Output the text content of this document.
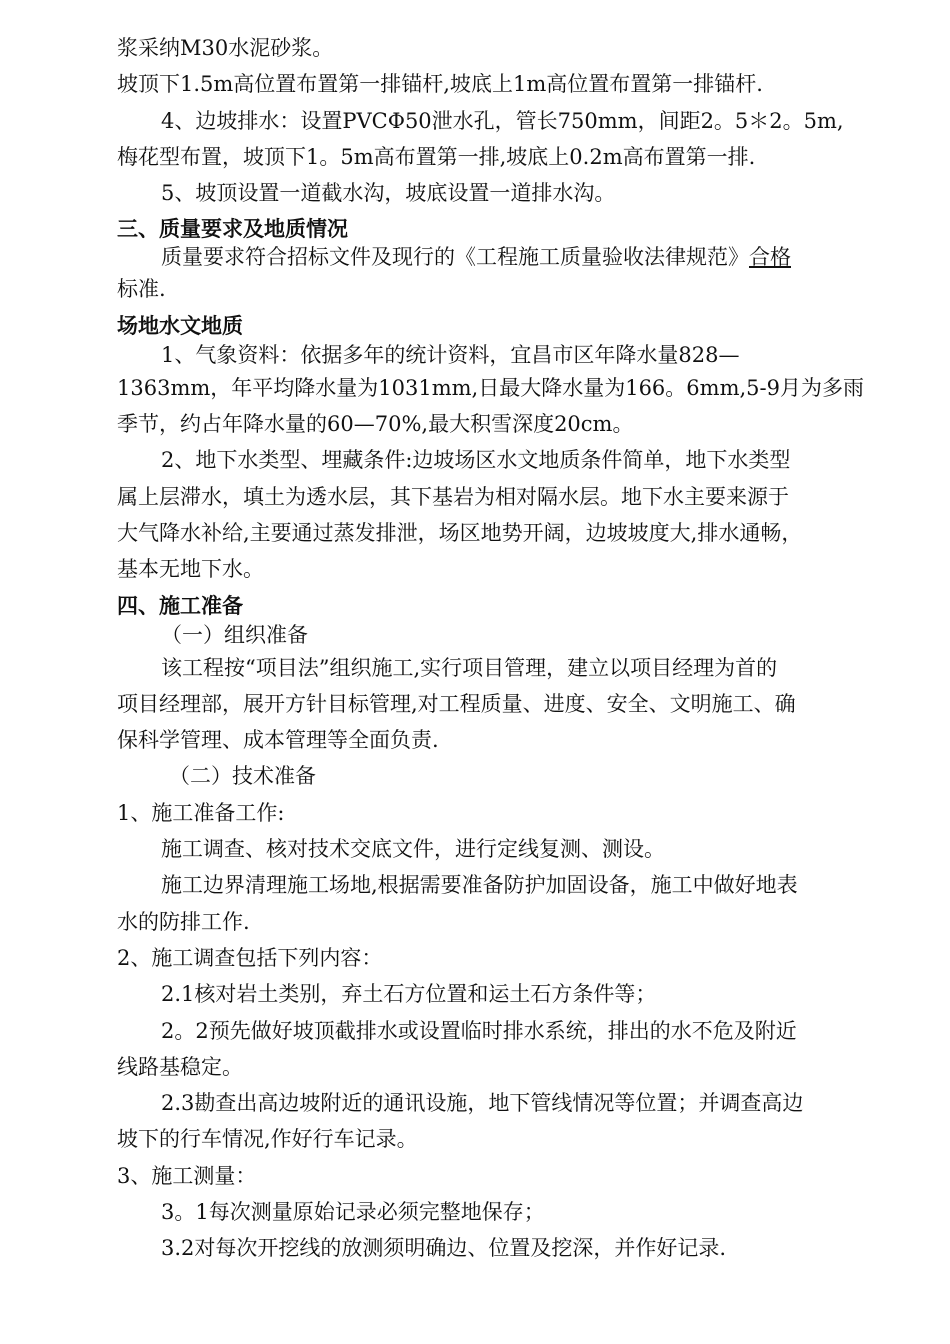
浆采纳M30水泥砂浆。
坡顶下1.5m高位置布置第一排锚杆,坡底上1m高位置布置第一排锚杆.
4、边坡排水：设置PVCΦ50泄水孔，管长750mm，间距2。5＊2。5m,
梅花型布置，坡顶下1。5m高布置第一排,坡底上0.2m高布置第一排.
5、坡顶设置一道截水沟，坡底设置一道排水沟。
三、质量要求及地质情况
质量要求符合招标文件及现行的《工程施工质量验收法律规范》合格
标准.
场地水文地质
1、气象资料：依据多年的统计资料，宜昌市区年降水量828—
1363mm，年平均降水量为1031mm,日最大降水量为166。6mm,5-9月为多雨
季节，约占年降水量的60—70%,最大积雪深度20cm。
2、地下水类型、埋藏条件:边坡场区水文地质条件简单，地下水类型
属上层滞水，填土为透水层，其下基岩为相对隔水层。地下水主要来源于
大气降水补给,主要通过蒸发排泄，场区地势开阔，边坡坡度大,排水通畅，
基本无地下水。
四、施工准备
（一）组织准备
该工程按“项目法”组织施工,实行项目管理，建立以项目经理为首的
项目经理部，展开方针目标管理,对工程质量、进度、安全、文明施工、确
保科学管理、成本管理等全面负责.
（二）技术准备
1、施工准备工作:
施工调查、核对技术交底文件，进行定线复测、测设。
施工边界清理施工场地,根据需要准备防护加固设备，施工中做好地表
水的防排工作.
2、施工调查包括下列内容：
2.1核对岩土类别，弃土石方位置和运土石方条件等；
2。2预先做好坡顶截排水或设置临时排水系统，排出的水不危及附近
线路基稳定。
2.3勘查出高边坡附近的通讯设施，地下管线情况等位置；并调查高边
坡下的行车情况,作好行车记录。
3、施工测量：
3。1每次测量原始记录必须完整地保存；
3.2对每次开挖线的放测须明确边、位置及挖深，并作好记录.
